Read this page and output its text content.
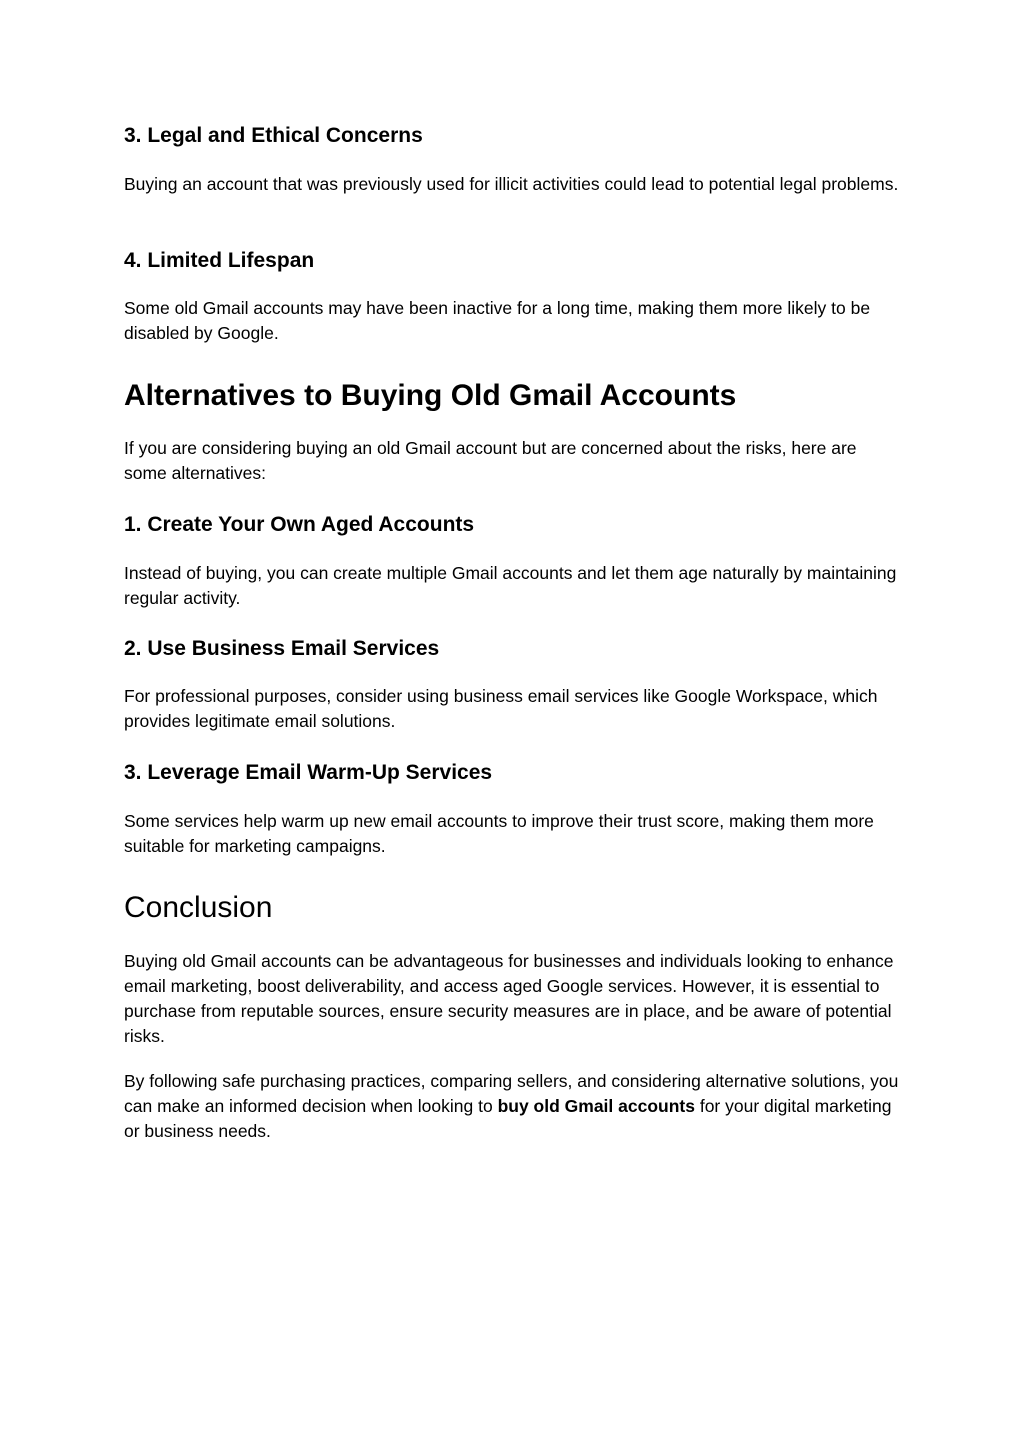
3. Legal and Ethical Concerns

Buying an account that was previously used for illicit activities could lead to potential legal problems.

4. Limited Lifespan

Some old Gmail accounts may have been inactive for a long time, making them more likely to be disabled by Google.

Alternatives to Buying Old Gmail Accounts

If you are considering buying an old Gmail account but are concerned about the risks, here are some alternatives:

1. Create Your Own Aged Accounts

Instead of buying, you can create multiple Gmail accounts and let them age naturally by maintaining regular activity.

2. Use Business Email Services

For professional purposes, consider using business email services like Google Workspace, which provides legitimate email solutions.

3. Leverage Email Warm-Up Services

Some services help warm up new email accounts to improve their trust score, making them more suitable for marketing campaigns.

Conclusion

Buying old Gmail accounts can be advantageous for businesses and individuals looking to enhance email marketing, boost deliverability, and access aged Google services. However, it is essential to purchase from reputable sources, ensure security measures are in place, and be aware of potential risks.

By following safe purchasing practices, comparing sellers, and considering alternative solutions, you can make an informed decision when looking to buy old Gmail accounts for your digital marketing or business needs.
